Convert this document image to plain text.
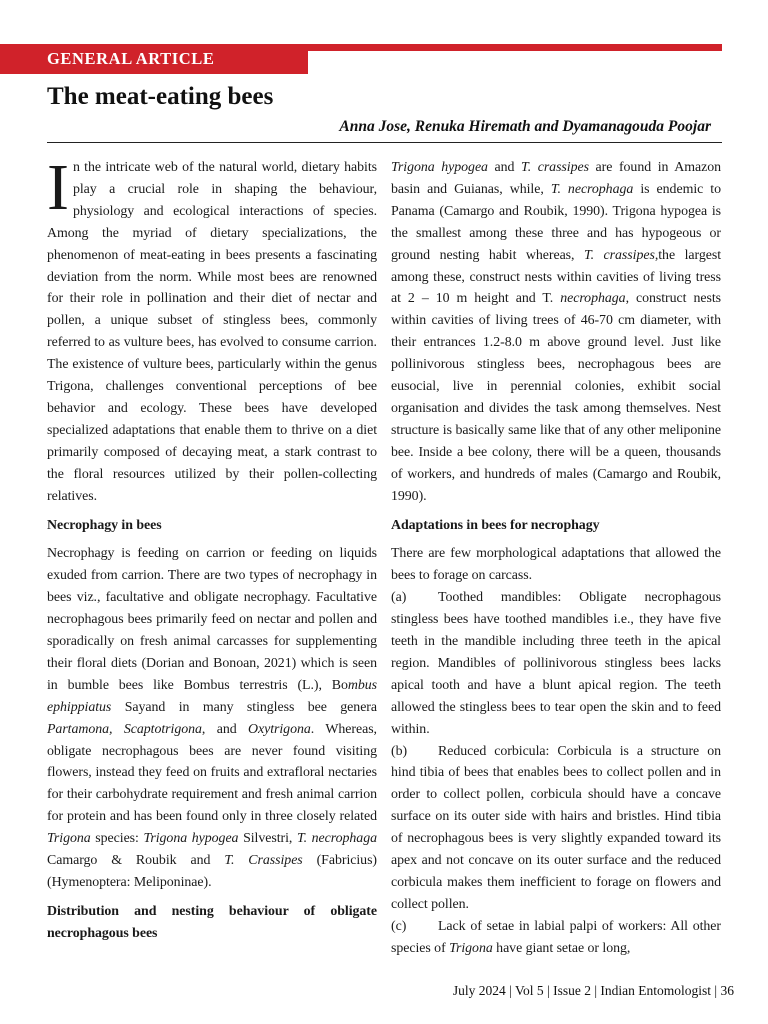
GENERAL ARTICLE
The meat-eating bees

Anna Jose, Renuka Hiremath and Dyamanagouda Poojar

In the intricate web of the natural world, dietary habits play a crucial role in shaping the behaviour, physiology and ecological interactions of species. Among the myriad of dietary specializations, the phenomenon of meat-eating in bees presents a fascinating deviation from the norm. While most bees are renowned for their role in pollination and their diet of nectar and pollen, a unique subset of stingless bees, commonly referred to as vulture bees, has evolved to consume carrion. The existence of vulture bees, particularly within the genus Trigona, challenges conventional perceptions of bee behavior and ecology. These bees have developed specialized adaptations that enable them to thrive on a diet primarily composed of decaying meat, a stark contrast to the floral resources utilized by their pollen-collecting relatives.

Necrophagy in bees

Necrophagy is feeding on carrion or feeding on liquids exuded from carrion. There are two types of necrophagy in bees viz., facultative and obligate necrophagy. Facultative necrophagous bees primarily feed on nectar and pollen and sporadically on fresh animal carcasses for supplementing their floral diets (Dorian and Bonoan, 2021) which is seen in bumble bees like Bombus terrestris (L.), Bombus ephippiatus Sayand in many stingless bee genera Partamona, Scaptotrigona, and Oxytrigona. Whereas, obligate necrophagous bees are never found visiting flowers, instead they feed on fruits and extrafloral nectaries for their carbohydrate requirement and fresh animal carrion for protein and has been found only in three closely related Trigona species: Trigona hypogea Silvestri, T. necrophaga Camargo & Roubik and T. Crassipes (Fabricius) (Hymenoptera: Meliponinae).

Distribution and nesting behaviour of obligate necrophagous bees

Trigona hypogea and T. crassipes are found in Amazon basin and Guianas, while, T. necrophaga is endemic to Panama (Camargo and Roubik, 1990). Trigona hypogea is the smallest among these three and has hypogeous or ground nesting habit whereas, T. crassipes,the largest among these, construct nests within cavities of living tress at 2 – 10 m height and T. necrophaga, construct nests within cavities of living trees of 46-70 cm diameter, with their entrances 1.2-8.0 m above ground level. Just like pollinivorous stingless bees, necrophagous bees are eusocial, live in perennial colonies, exhibit social organisation and divides the task among themselves. Nest structure is basically same like that of any other meliponine bee. Inside a bee colony, there will be a queen, thousands of workers, and hundreds of males (Camargo and Roubik, 1990).

Adaptations in bees for necrophagy

There are few morphological adaptations that allowed the bees to forage on carcass.

(a) Toothed mandibles: Obligate necrophagous stingless bees have toothed mandibles i.e., they have five teeth in the mandible including three teeth in the apical region. Mandibles of pollinivorous stingless bees lacks apical tooth and have a blunt apical region. The teeth allowed the stingless bees to tear open the skin and to feed within.

(b) Reduced corbicula: Corbicula is a structure on hind tibia of bees that enables bees to collect pollen and in order to collect pollen, corbicula should have a concave surface on its outer side with hairs and bristles. Hind tibia of necrophagous bees is very slightly expanded toward its apex and not concave on its outer surface and the reduced corbicula makes them inefficient to forage on flowers and collect pollen.

(c) Lack of setae in labial palpi of workers: All other species of Trigona have giant setae or long,

July 2024 | Vol 5 | Issue 2 | Indian Entomologist | 36
